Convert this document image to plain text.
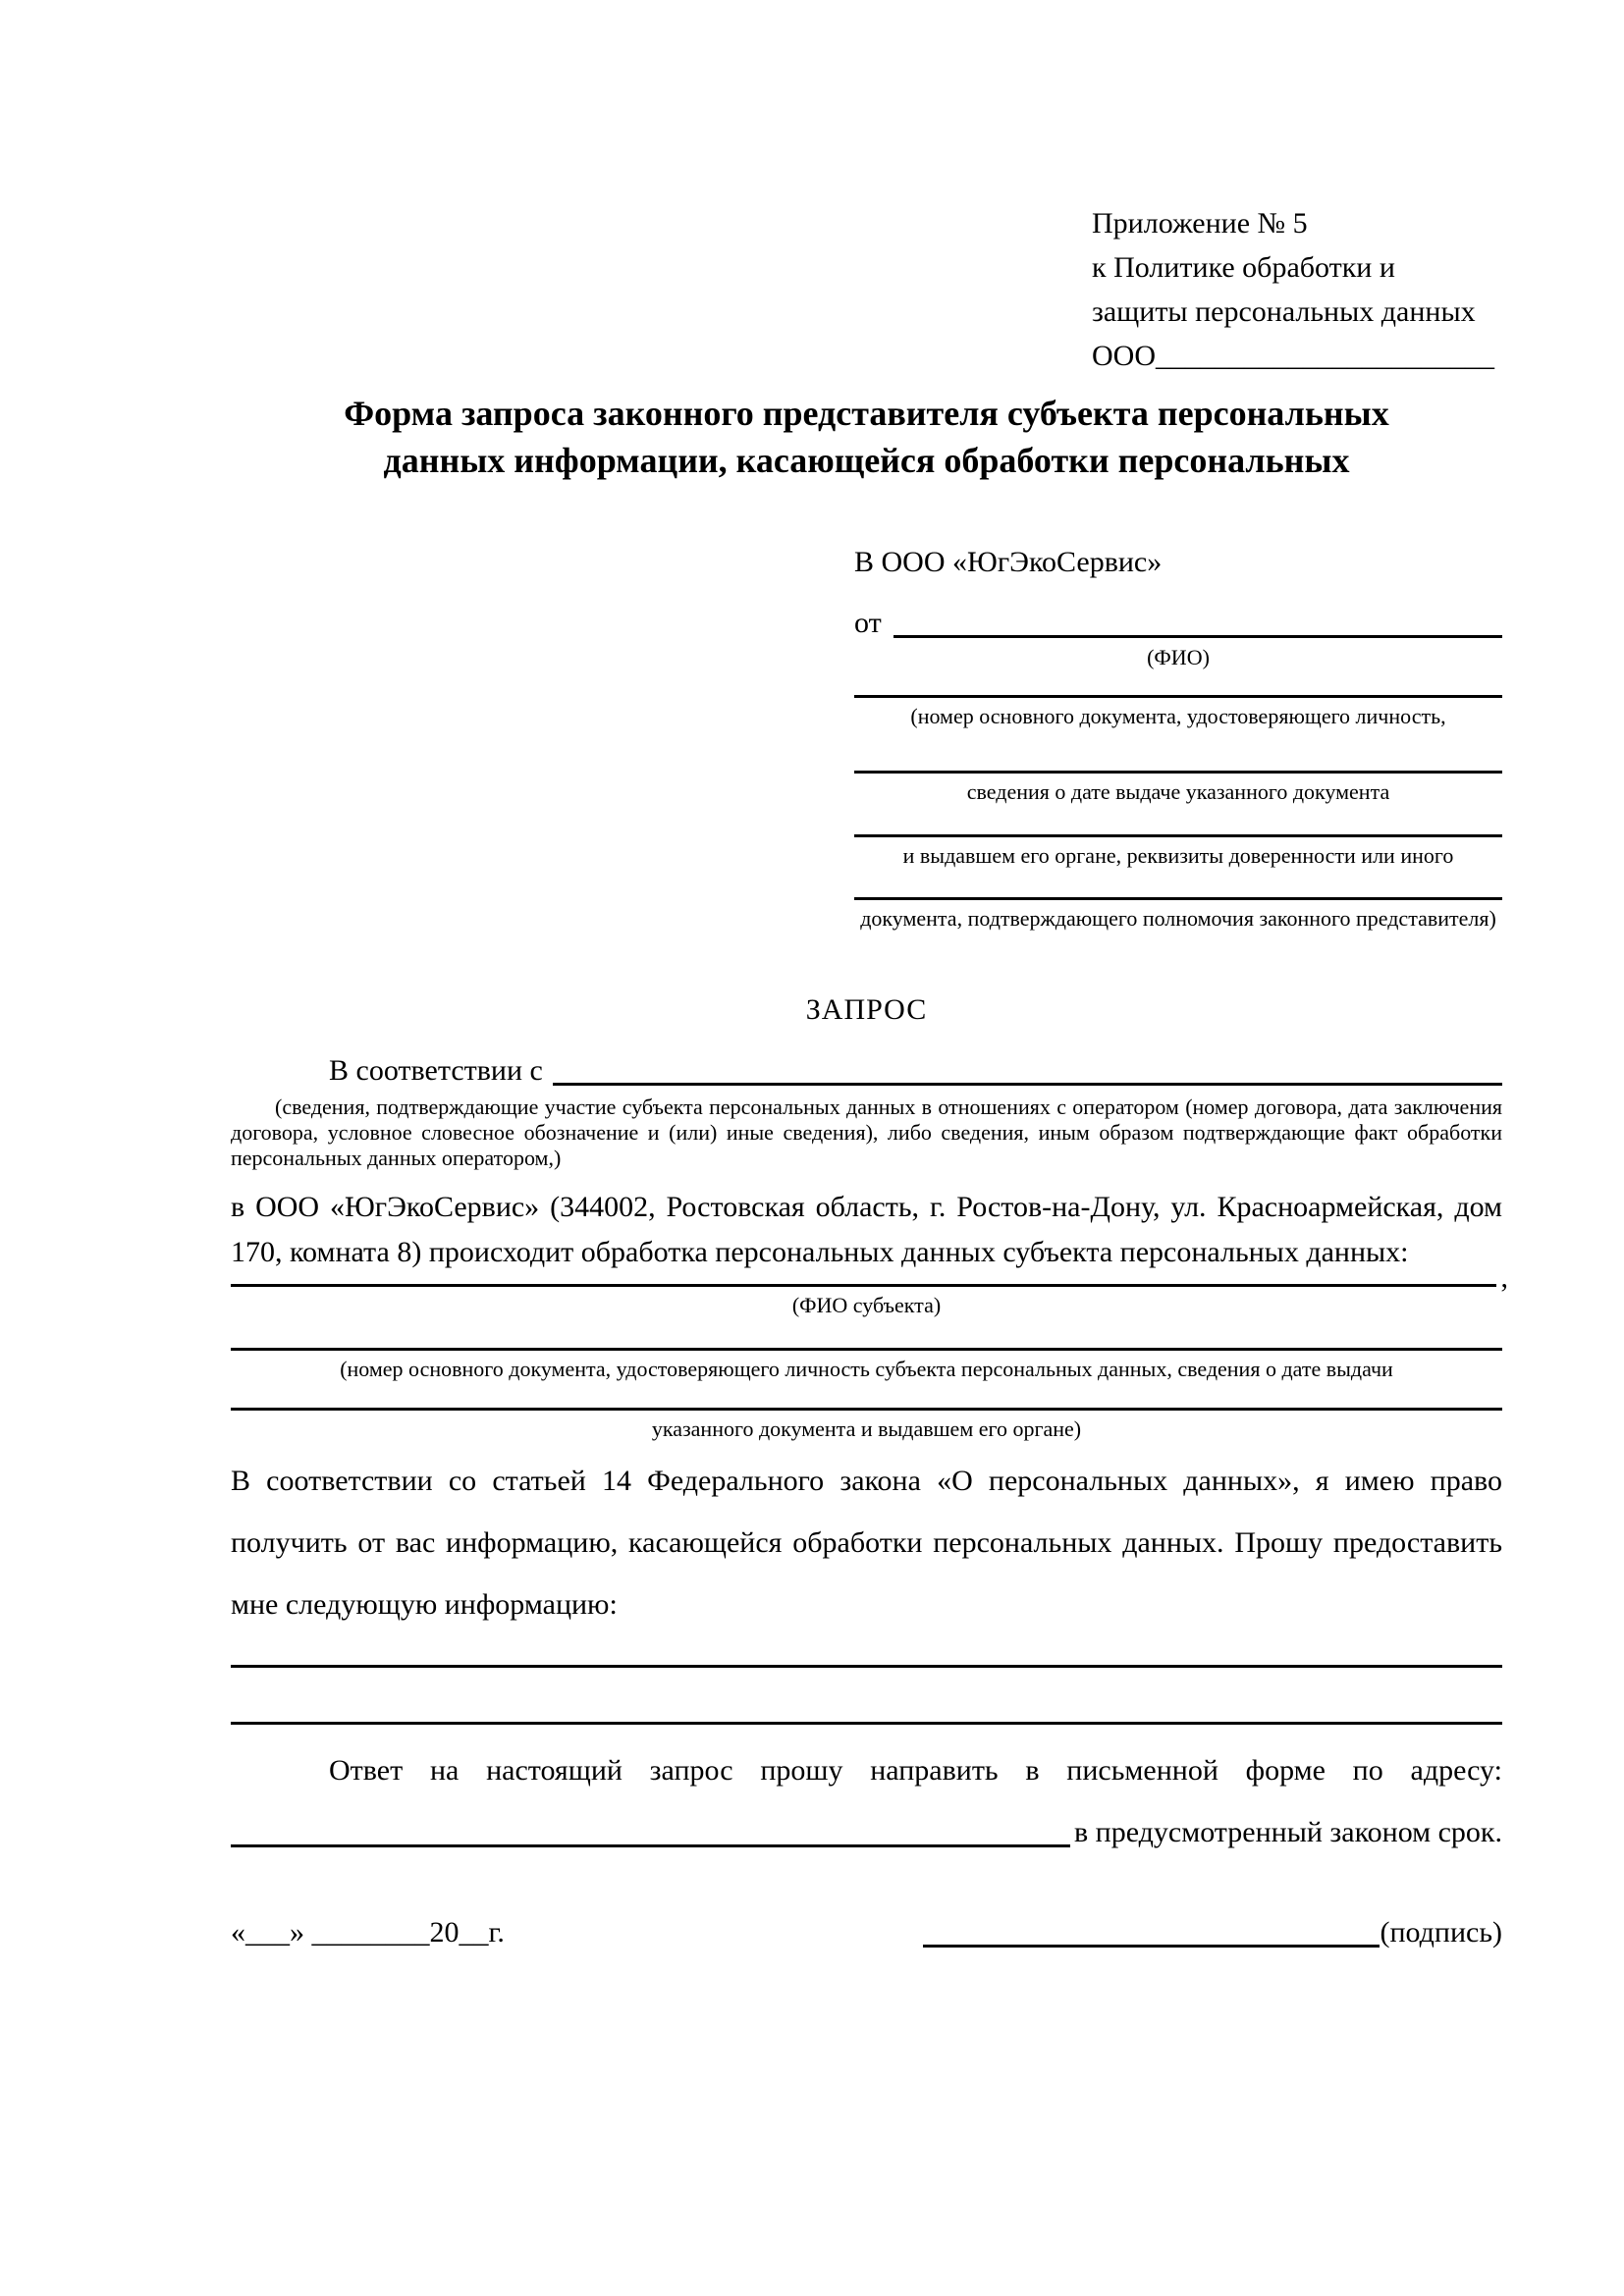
Приложение № 5
к Политике обработки и
защиты персональных данных
ООО_______________________
Форма запроса законного представителя субъекта персональных
данных информации, касающейся обработки персональных
В ООО «ЮгЭкоСервис»
от
(ФИО)
(номер основного документа, удостоверяющего личность,
сведения о дате выдаче указанного документа
и выдавшем его органе, реквизиты доверенности или иного
документа, подтверждающего полномочия законного представителя)
ЗАПРОС
В соответствии с
(сведения, подтверждающие участие субъекта персональных данных в отношениях с оператором (номер договора, дата заключения договора, условное словесное обозначение и (или) иные сведения), либо сведения, иным образом подтверждающие факт обработки персональных данных оператором,)
в ООО «ЮгЭкоСервис» (344002, Ростовская область, г. Ростов-на-Дону, ул. Красноармейская, дом 170, комната 8) происходит обработка персональных данных субъекта персональных данных:
,
(ФИО субъекта)
(номер основного документа, удостоверяющего личность субъекта персональных данных, сведения о дате выдачи
указанного документа и выдавшем его органе)
В соответствии со статьей 14 Федерального закона «О персональных данных», я имею право получить от вас информацию, касающейся обработки персональных данных. Прошу предоставить мне следующую информацию:
Ответ на настоящий запрос прошу направить в письменной форме по адресу:
в предусмотренный законом срок.
«___» ________20__г.	(подпись)
